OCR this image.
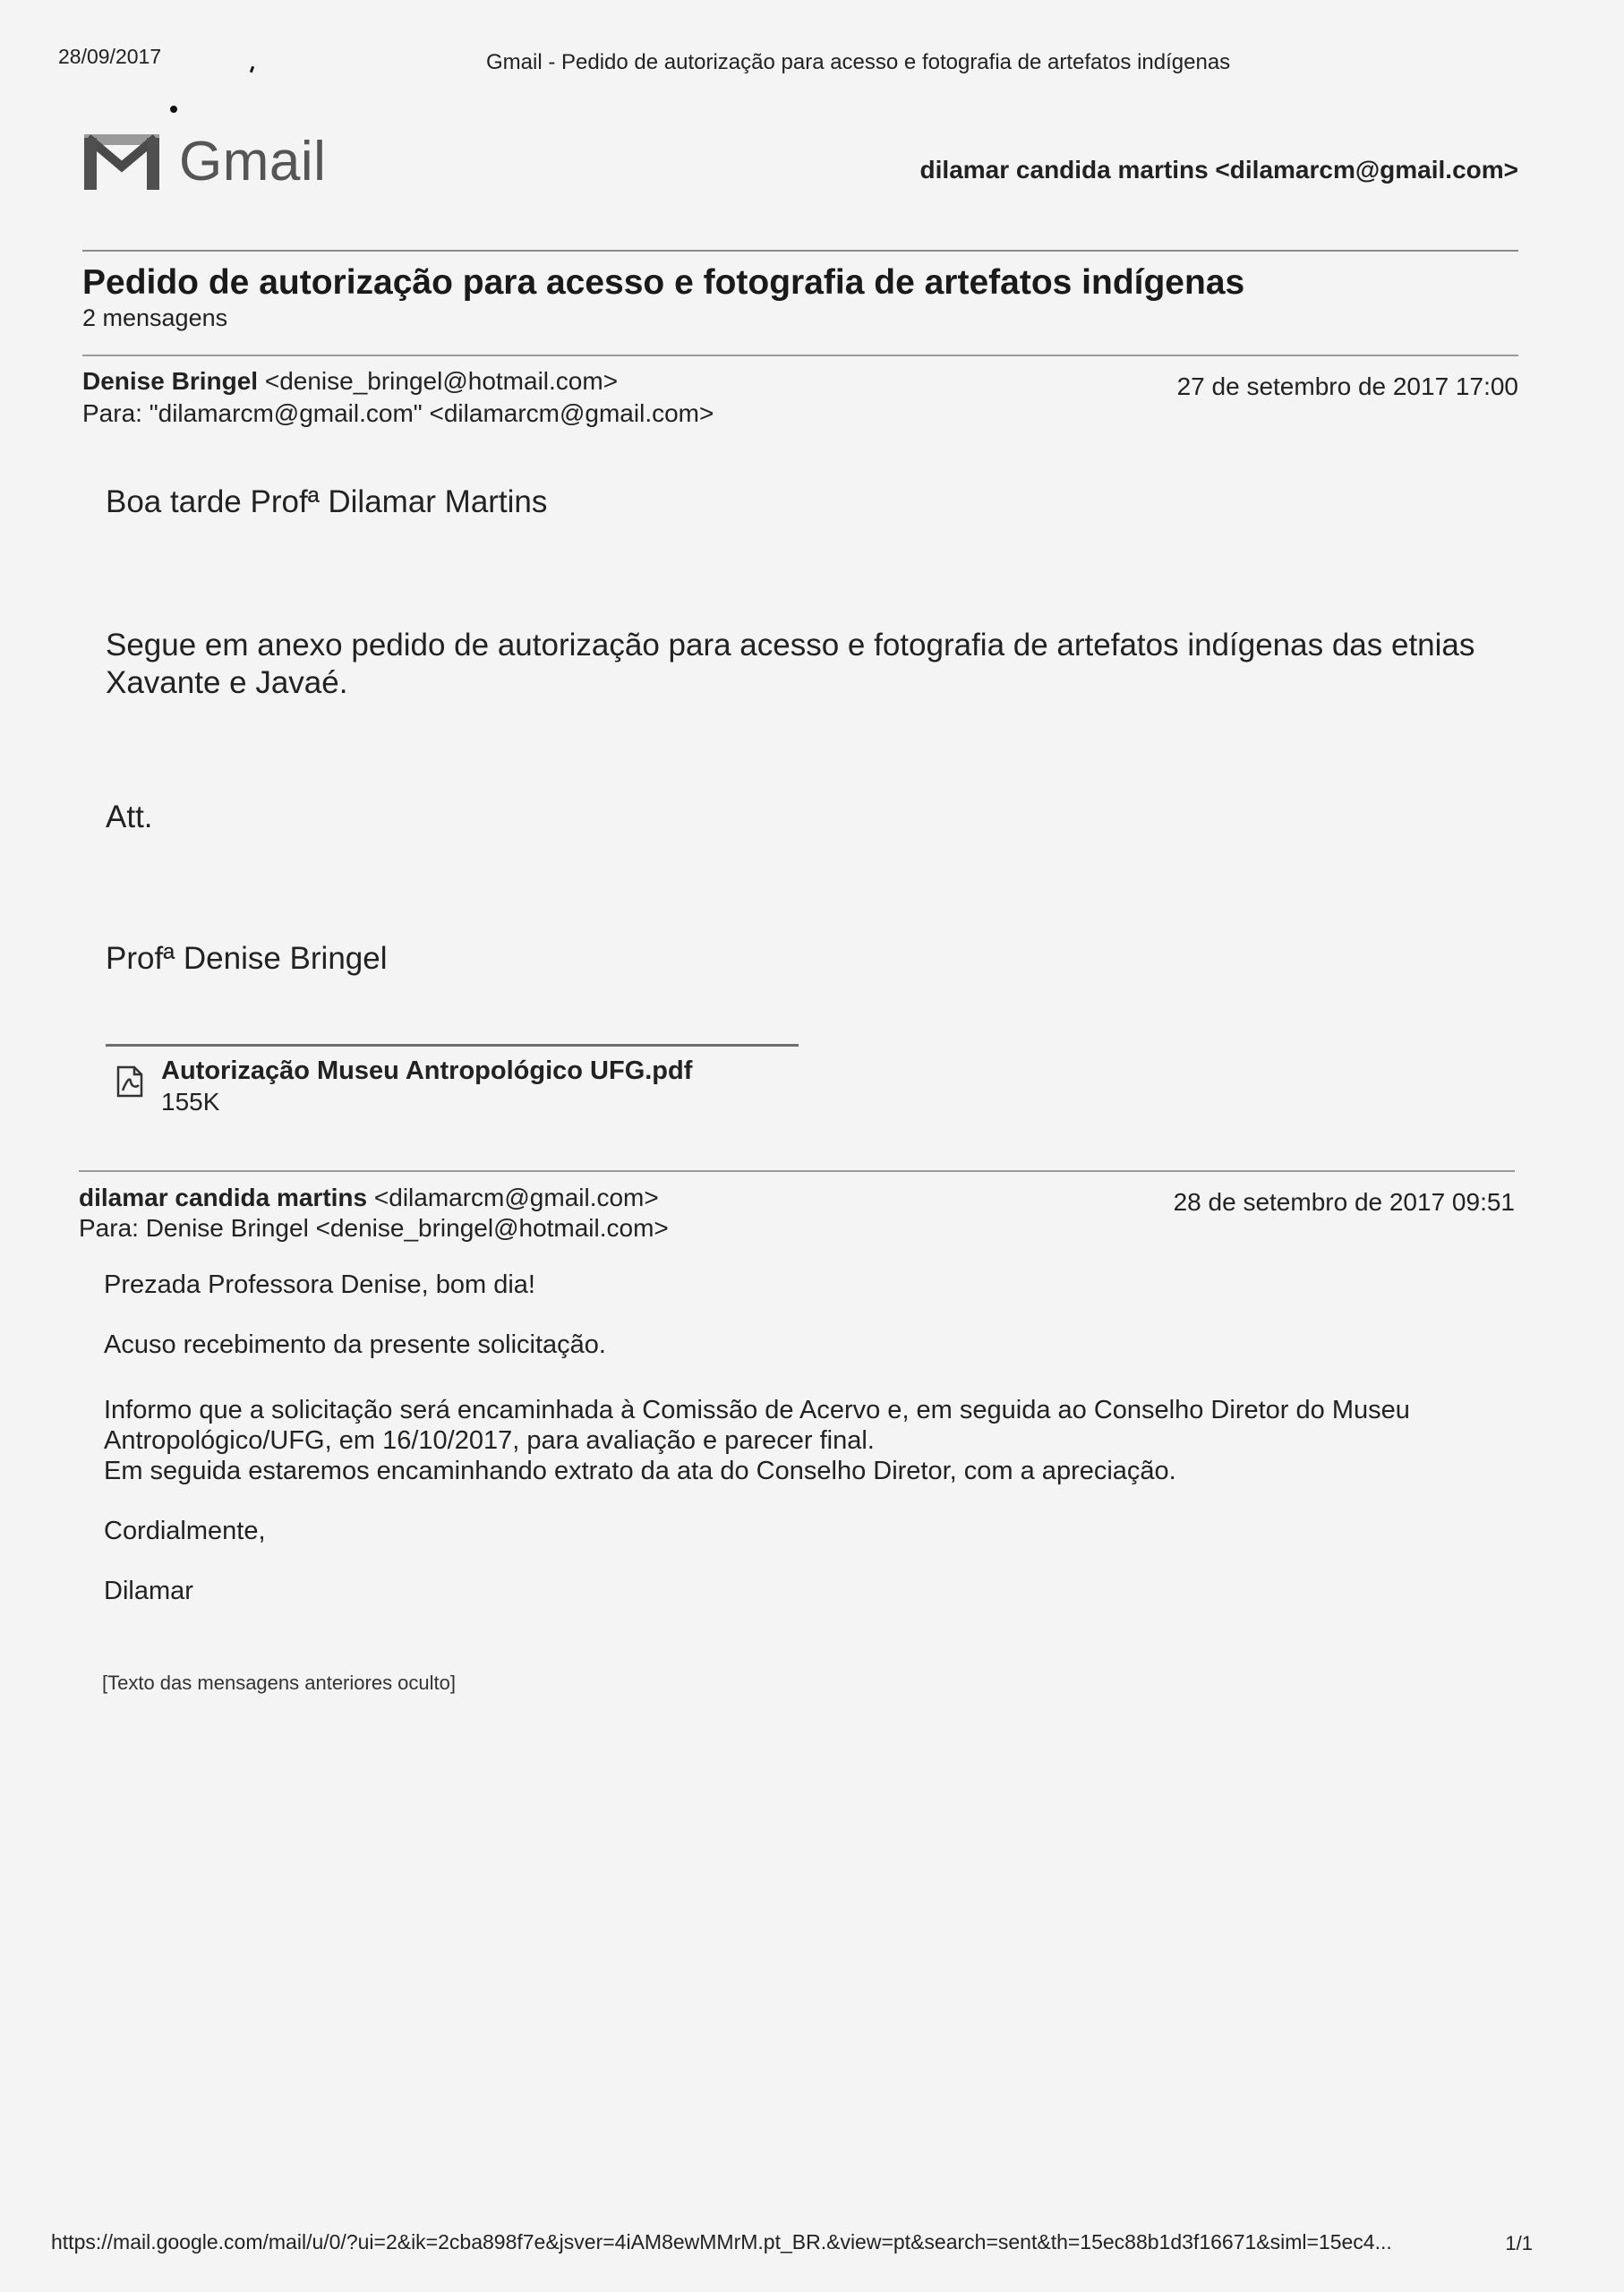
28/09/2017	Gmail - Pedido de autorização para acesso e fotografia de artefatos indígenas
Gmail	dilamar candida martins <dilamarcm@gmail.com>
Pedido de autorização para acesso e fotografia de artefatos indígenas
2 mensagens
Denise Bringel <denise_bringel@hotmail.com>
Para: "dilamarcm@gmail.com" <dilamarcm@gmail.com>
27 de setembro de 2017 17:00
Boa tarde Profª Dilamar Martins
Segue em anexo pedido de autorização para acesso e fotografia de artefatos indígenas das etnias Xavante e Javaé.
Att.
Profª Denise Bringel
Autorização Museu Antropológico UFG.pdf
155K
dilamar candida martins <dilamarcm@gmail.com>
Para: Denise Bringel <denise_bringel@hotmail.com>
28 de setembro de 2017 09:51
Prezada Professora Denise, bom dia!
Acuso recebimento da presente solicitação.
Informo que a solicitação será encaminhada à Comissão de Acervo e, em seguida ao Conselho Diretor do Museu
Antropológico/UFG, em 16/10/2017, para avaliação e parecer final.
Em seguida estaremos encaminhando extrato da ata do Conselho Diretor, com a apreciação.
Cordialmente,
Dilamar
[Texto das mensagens anteriores oculto]
https://mail.google.com/mail/u/0/?ui=2&ik=2cba898f7e&jsver=4iAM8ewMMrM.pt_BR.&view=pt&search=sent&th=15ec88b1d3f16671&siml=15ec4...	1/1
